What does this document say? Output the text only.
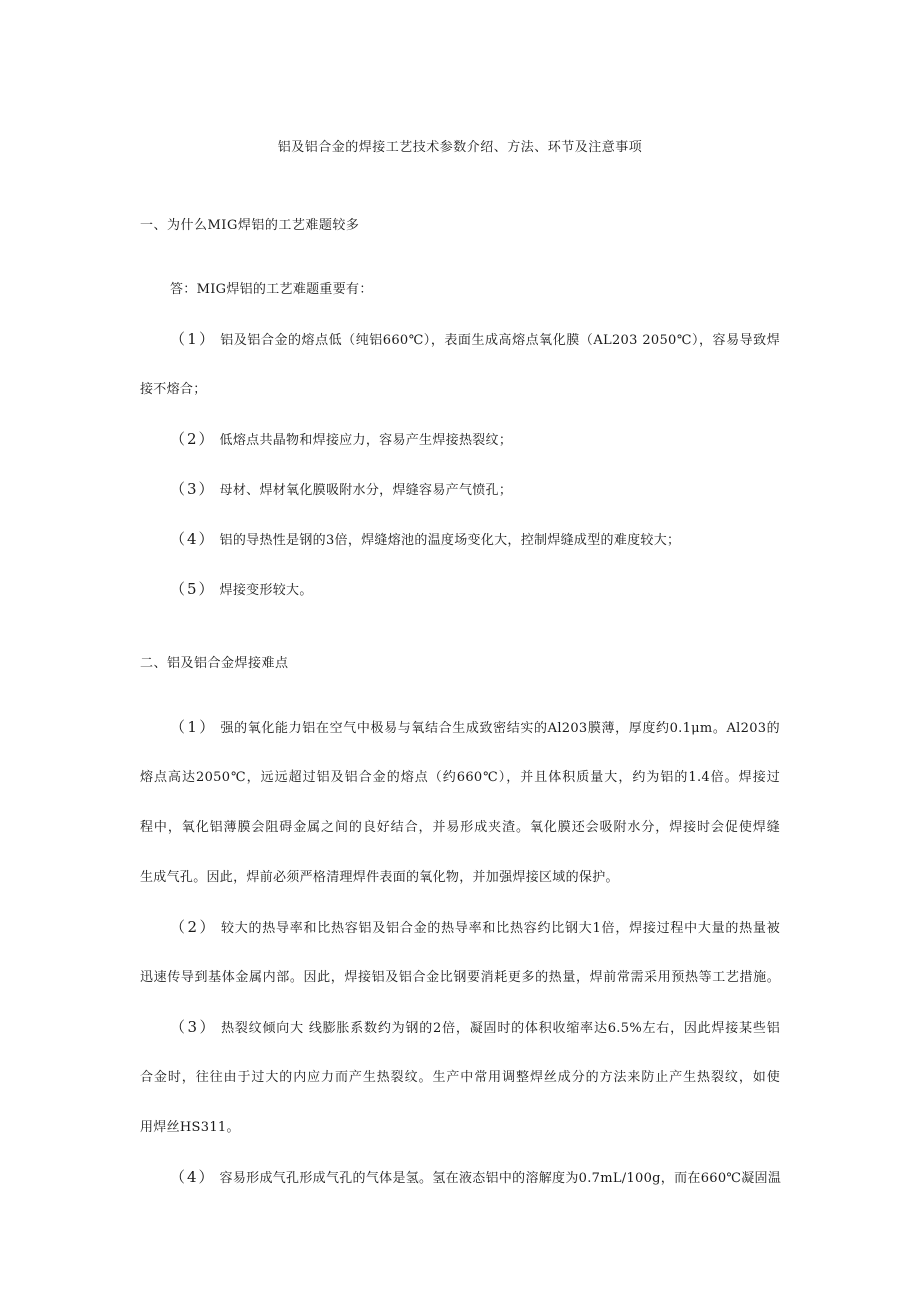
铝及铝合金的焊接工艺技术参数介绍、方法、环节及注意事项
一、为什么MIG焊铝的工艺难题较多
答：MIG焊铝的工艺难题重要有：
（1） 铝及铝合金的熔点低（纯铝660℃），表面生成高熔点氧化膜（AL203 2050℃），容易导致焊
接不熔合；
（2） 低熔点共晶物和焊接应力，容易产生焊接热裂纹；
（3） 母材、焊材氧化膜吸附水分，焊缝容易产气愤孔；
（4） 铝的导热性是钢的3倍，焊缝熔池的温度场变化大，控制焊缝成型的难度较大；
（5） 焊接变形较大。
二、铝及铝合金焊接难点
（1） 强的氧化能力铝在空气中极易与氧结合生成致密结实的Al203膜薄，厚度约0.1μm。Al203的
熔点高达2050℃，远远超过铝及铝合金的熔点（约660℃），并且体积质量大，约为铝的1.4倍。焊接过
程中，氧化铝薄膜会阻碍金属之间的良好结合，并易形成夹渣。氧化膜还会吸附水分，焊接时会促使焊缝
生成气孔。因此，焊前必须严格清理焊件表面的氧化物，并加强焊接区域的保护。
（2） 较大的热导率和比热容铝及铝合金的热导率和比热容约比钢大1倍，焊接过程中大量的热量被
迅速传导到基体金属内部。因此，焊接铝及铝合金比钢要消耗更多的热量，焊前常需采用预热等工艺措施。
（3） 热裂纹倾向大 线膨胀系数约为钢的2倍，凝固时的体积收缩率达6.5%左右，因此焊接某些铝
合金时，往往由于过大的内应力而产生热裂纹。生产中常用调整焊丝成分的方法来防止产生热裂纹，如使
用焊丝HS311。
（4） 容易形成气孔形成气孔的气体是氢。氢在液态铝中的溶解度为0.7mL/100g，而在660℃凝固温
